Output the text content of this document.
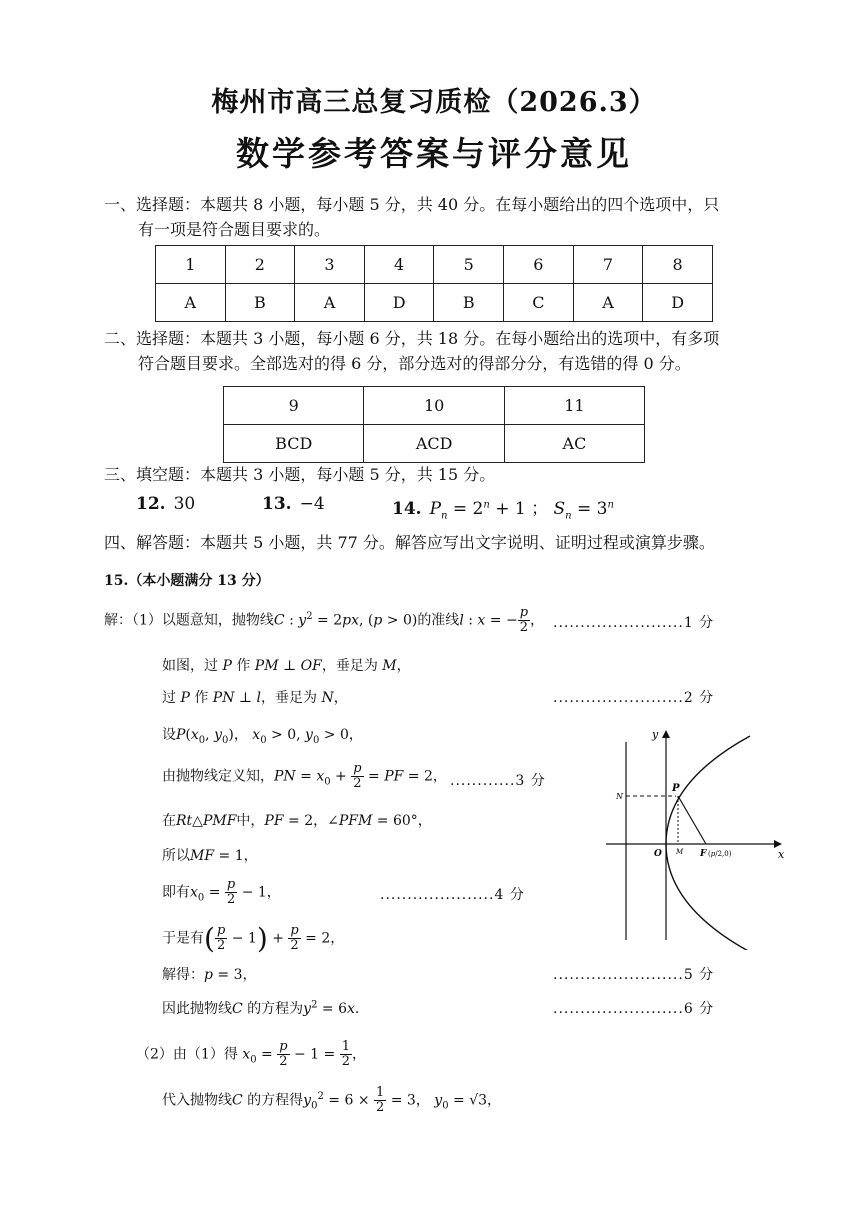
梅州市高三总复习质检（2026.3）
数学参考答案与评分意见
一、选择题：本题共 8 小题，每小题 5 分，共 40 分。在每小题给出的四个选项中，只

有一项是符合题目要求的。
1	2	3	4	5	6	7	8
A	B	A	D	B	C	A	D
二、选择题：本题共 3 小题，每小题 6 分，共 18 分。在每小题给出的选项中，有多项

符合题目要求。全部选对的得 6 分，部分选对的得部分分，有选错的得 0 分。
9	10	11
BCD	ACD	AC
三、填空题：本题共 3 小题，每小题 5 分，共 15 分。
12. 30	13. −4	14. $P_n = 2^n + 1$ ； $S_n = 3^n$
四、解答题：本题共 5 小题，共 77 分。解答应写出文字说明、证明过程或演算步骤。
15.（本小题满分 13 分）
解：（1）以题意知，抛物线C : $y^2 = 2px$, (p > 0)的准线l : x = − $\frac{p}{2}$ ， ........................1 分
如图，过 P 作 PM ⊥ OF，垂足为 M，
过 P 作 PN ⊥ l，垂足为 N，	........................2 分
设$P(x_0$, $y_0$)， $x_0 > 0$, $y_0 > 0$，
由抛物线定义知，PN = $x_0 + \frac{p}{2}$ = PF = 2， ............3 分
在Rt△PMF中，PF = 2，∠PFM = 60°，
所以MF = 1，
即有$x_0 = \frac{p}{2} - 1$，	.....................4 分
于是有( $\frac{p}{2} - 1) + \frac{p}{2} = 2$，
解得：p = 3，	........................5 分
因此抛物线C 的方程为$y^2 = 6x$.	........................6 分
（2）由（1）得 $x_0 = \frac{p}{2} - 1 = \frac{1}{2}$ ，
代入抛物线C 的方程得$y_0^2 = 6 \times \frac{1}{2} = 3$， $y_0 = √3$，
y
x
N
P
O M F (p/2,0)
